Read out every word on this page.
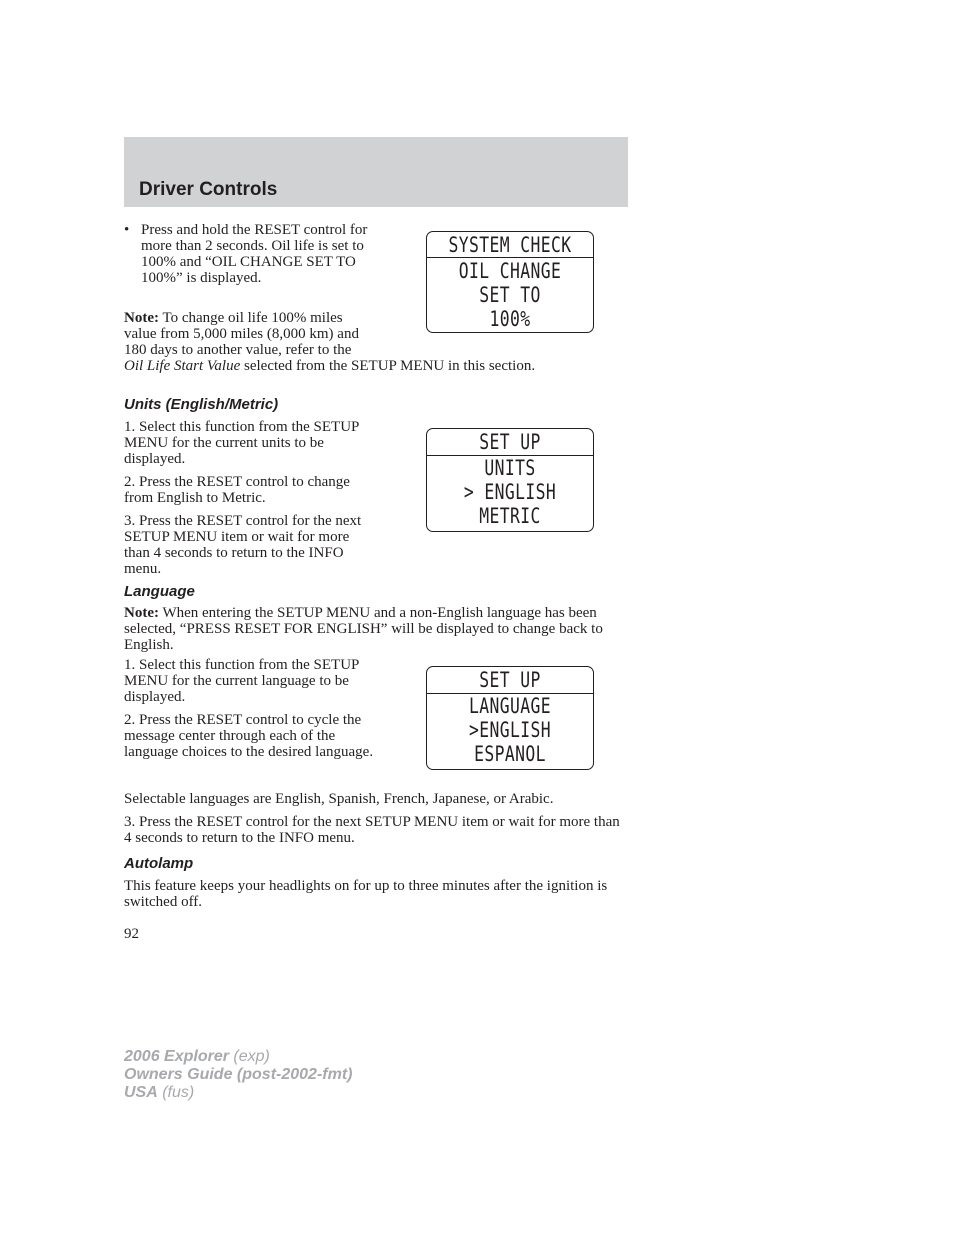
Driver Controls
• Press and hold the RESET control for more than 2 seconds. Oil life is set to 100% and “OIL CHANGE SET TO 100%” is displayed.

Note: To change oil life 100% miles value from 5,000 miles (8,000 km) and 180 days to another value, refer to the

Oil Life Start Value selected from the SETUP MENU in this section.

SYSTEM CHECK
OIL CHANGE
SET TO
100%
Units (English/Metric)

1. Select this function from the SETUP MENU for the current units to be displayed.

2. Press the RESET control to change from English to Metric.

3. Press the RESET control for the next SETUP MENU item or wait for more than 4 seconds to return to the INFO menu.

SET UP
UNITS
> ENGLISH
METRIC
Language

Note: When entering the SETUP MENU and a non-English language has been selected, “PRESS RESET FOR ENGLISH” will be displayed to change back to English.

1. Select this function from the SETUP MENU for the current language to be displayed.

2. Press the RESET control to cycle the message center through each of the language choices to the desired language.

SET UP
LANGUAGE
>ENGLISH
ESPANOL

Selectable languages are English, Spanish, French, Japanese, or Arabic.

3. Press the RESET control for the next SETUP MENU item or wait for more than 4 seconds to return to the INFO menu.

Autolamp

This feature keeps your headlights on for up to three minutes after the ignition is switched off.

92

2006 Explorer (exp)
Owners Guide (post-2002-fmt)
USA (fus)
